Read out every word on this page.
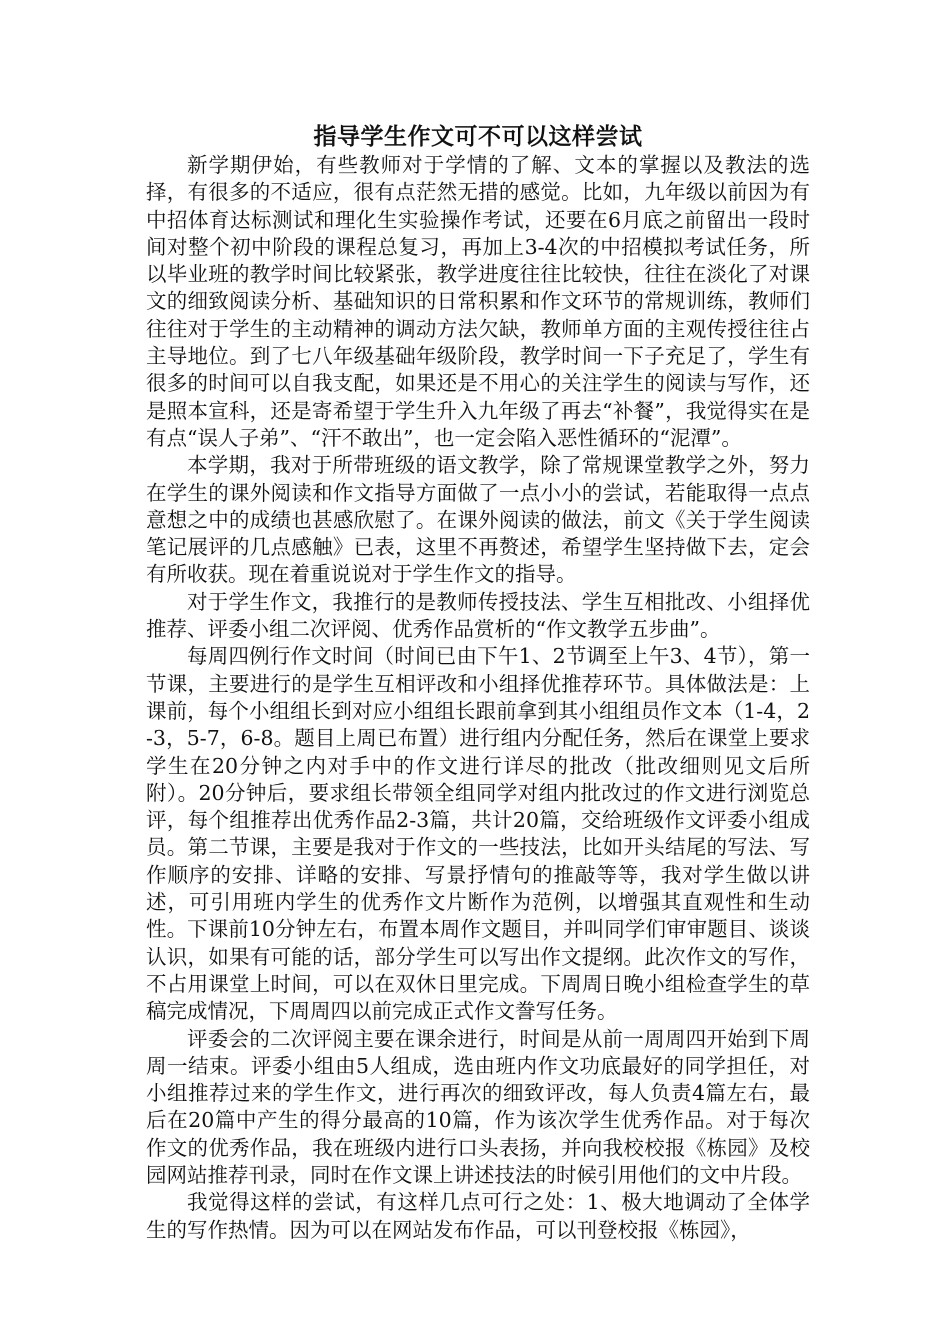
指导学生作文可不可以这样尝试

新学期伊始，有些教师对于学情的了解、文本的掌握以及教法的选择，有很多的不适应，很有点茫然无措的感觉。比如，九年级以前因为有中招体育达标测试和理化生实验操作考试，还要在6月底之前留出一段时间对整个初中阶段的课程总复习，再加上3-4次的中招模拟考试任务，所以毕业班的教学时间比较紧张，教学进度往往比较快，往往在淡化了对课文的细致阅读分析、基础知识的日常积累和作文环节的常规训练，教师们往往对于学生的主动精神的调动方法欠缺，教师单方面的主观传授往往占主导地位。到了七八年级基础年级阶段，教学时间一下子充足了，学生有很多的时间可以自我支配，如果还是不用心的关注学生的阅读与写作，还是照本宣科，还是寄希望于学生升入九年级了再去“补餐”，我觉得实在是有点“误人子弟”、“汗不敢出”，也一定会陷入恶性循环的“泥潭”。

本学期，我对于所带班级的语文教学，除了常规课堂教学之外，努力在学生的课外阅读和作文指导方面做了一点小小的尝试，若能取得一点点意想之中的成绩也甚感欣慰了。在课外阅读的做法，前文《关于学生阅读笔记展评的几点感触》已表，这里不再赘述，希望学生坚持做下去，定会有所收获。现在着重说说对于学生作文的指导。

对于学生作文，我推行的是教师传授技法、学生互相批改、小组择优推荐、评委小组二次评阅、优秀作品赏析的“作文教学五步曲”。

每周四例行作文时间（时间已由下午1、2节调至上午3、4节），第一节课，主要进行的是学生互相评改和小组择优推荐环节。具体做法是：上课前，每个小组组长到对应小组组长跟前拿到其小组组员作文本（1-4，2-3，5-7，6-8。题目上周已布置）进行组内分配任务，然后在课堂上要求学生在20分钟之内对手中的作文进行详尽的批改（批改细则见文后所附）。20分钟后，要求组长带领全组同学对组内批改过的作文进行浏览总评，每个组推荐出优秀作品2-3篇，共计20篇，交给班级作文评委小组成员。第二节课，主要是我对于作文的一些技法，比如开头结尾的写法、写作顺序的安排、详略的安排、写景抒情句的推敲等等，我对学生做以讲述，可引用班内学生的优秀作文片断作为范例，以增强其直观性和生动性。下课前10分钟左右，布置本周作文题目，并叫同学们审审题目、谈谈认识，如果有可能的话，部分学生可以写出作文提纲。此次作文的写作，不占用课堂上时间，可以在双休日里完成。下周周日晚小组检查学生的草稿完成情况，下周周四以前完成正式作文誊写任务。

评委会的二次评阅主要在课余进行，时间是从前一周周四开始到下周周一结束。评委小组由5人组成，选由班内作文功底最好的同学担任，对小组推荐过来的学生作文，进行再次的细致评改，每人负责4篇左右，最后在20篇中产生的得分最高的10篇，作为该次学生优秀作品。对于每次作文的优秀作品，我在班级内进行口头表扬，并向我校校报《栋园》及校园网站推荐刊录，同时在作文课上讲述技法的时候引用他们的文中片段。

我觉得这样的尝试，有这样几点可行之处：1、极大地调动了全体学生的写作热情。因为可以在网站发布作品，可以刊登校报《栋园》，
